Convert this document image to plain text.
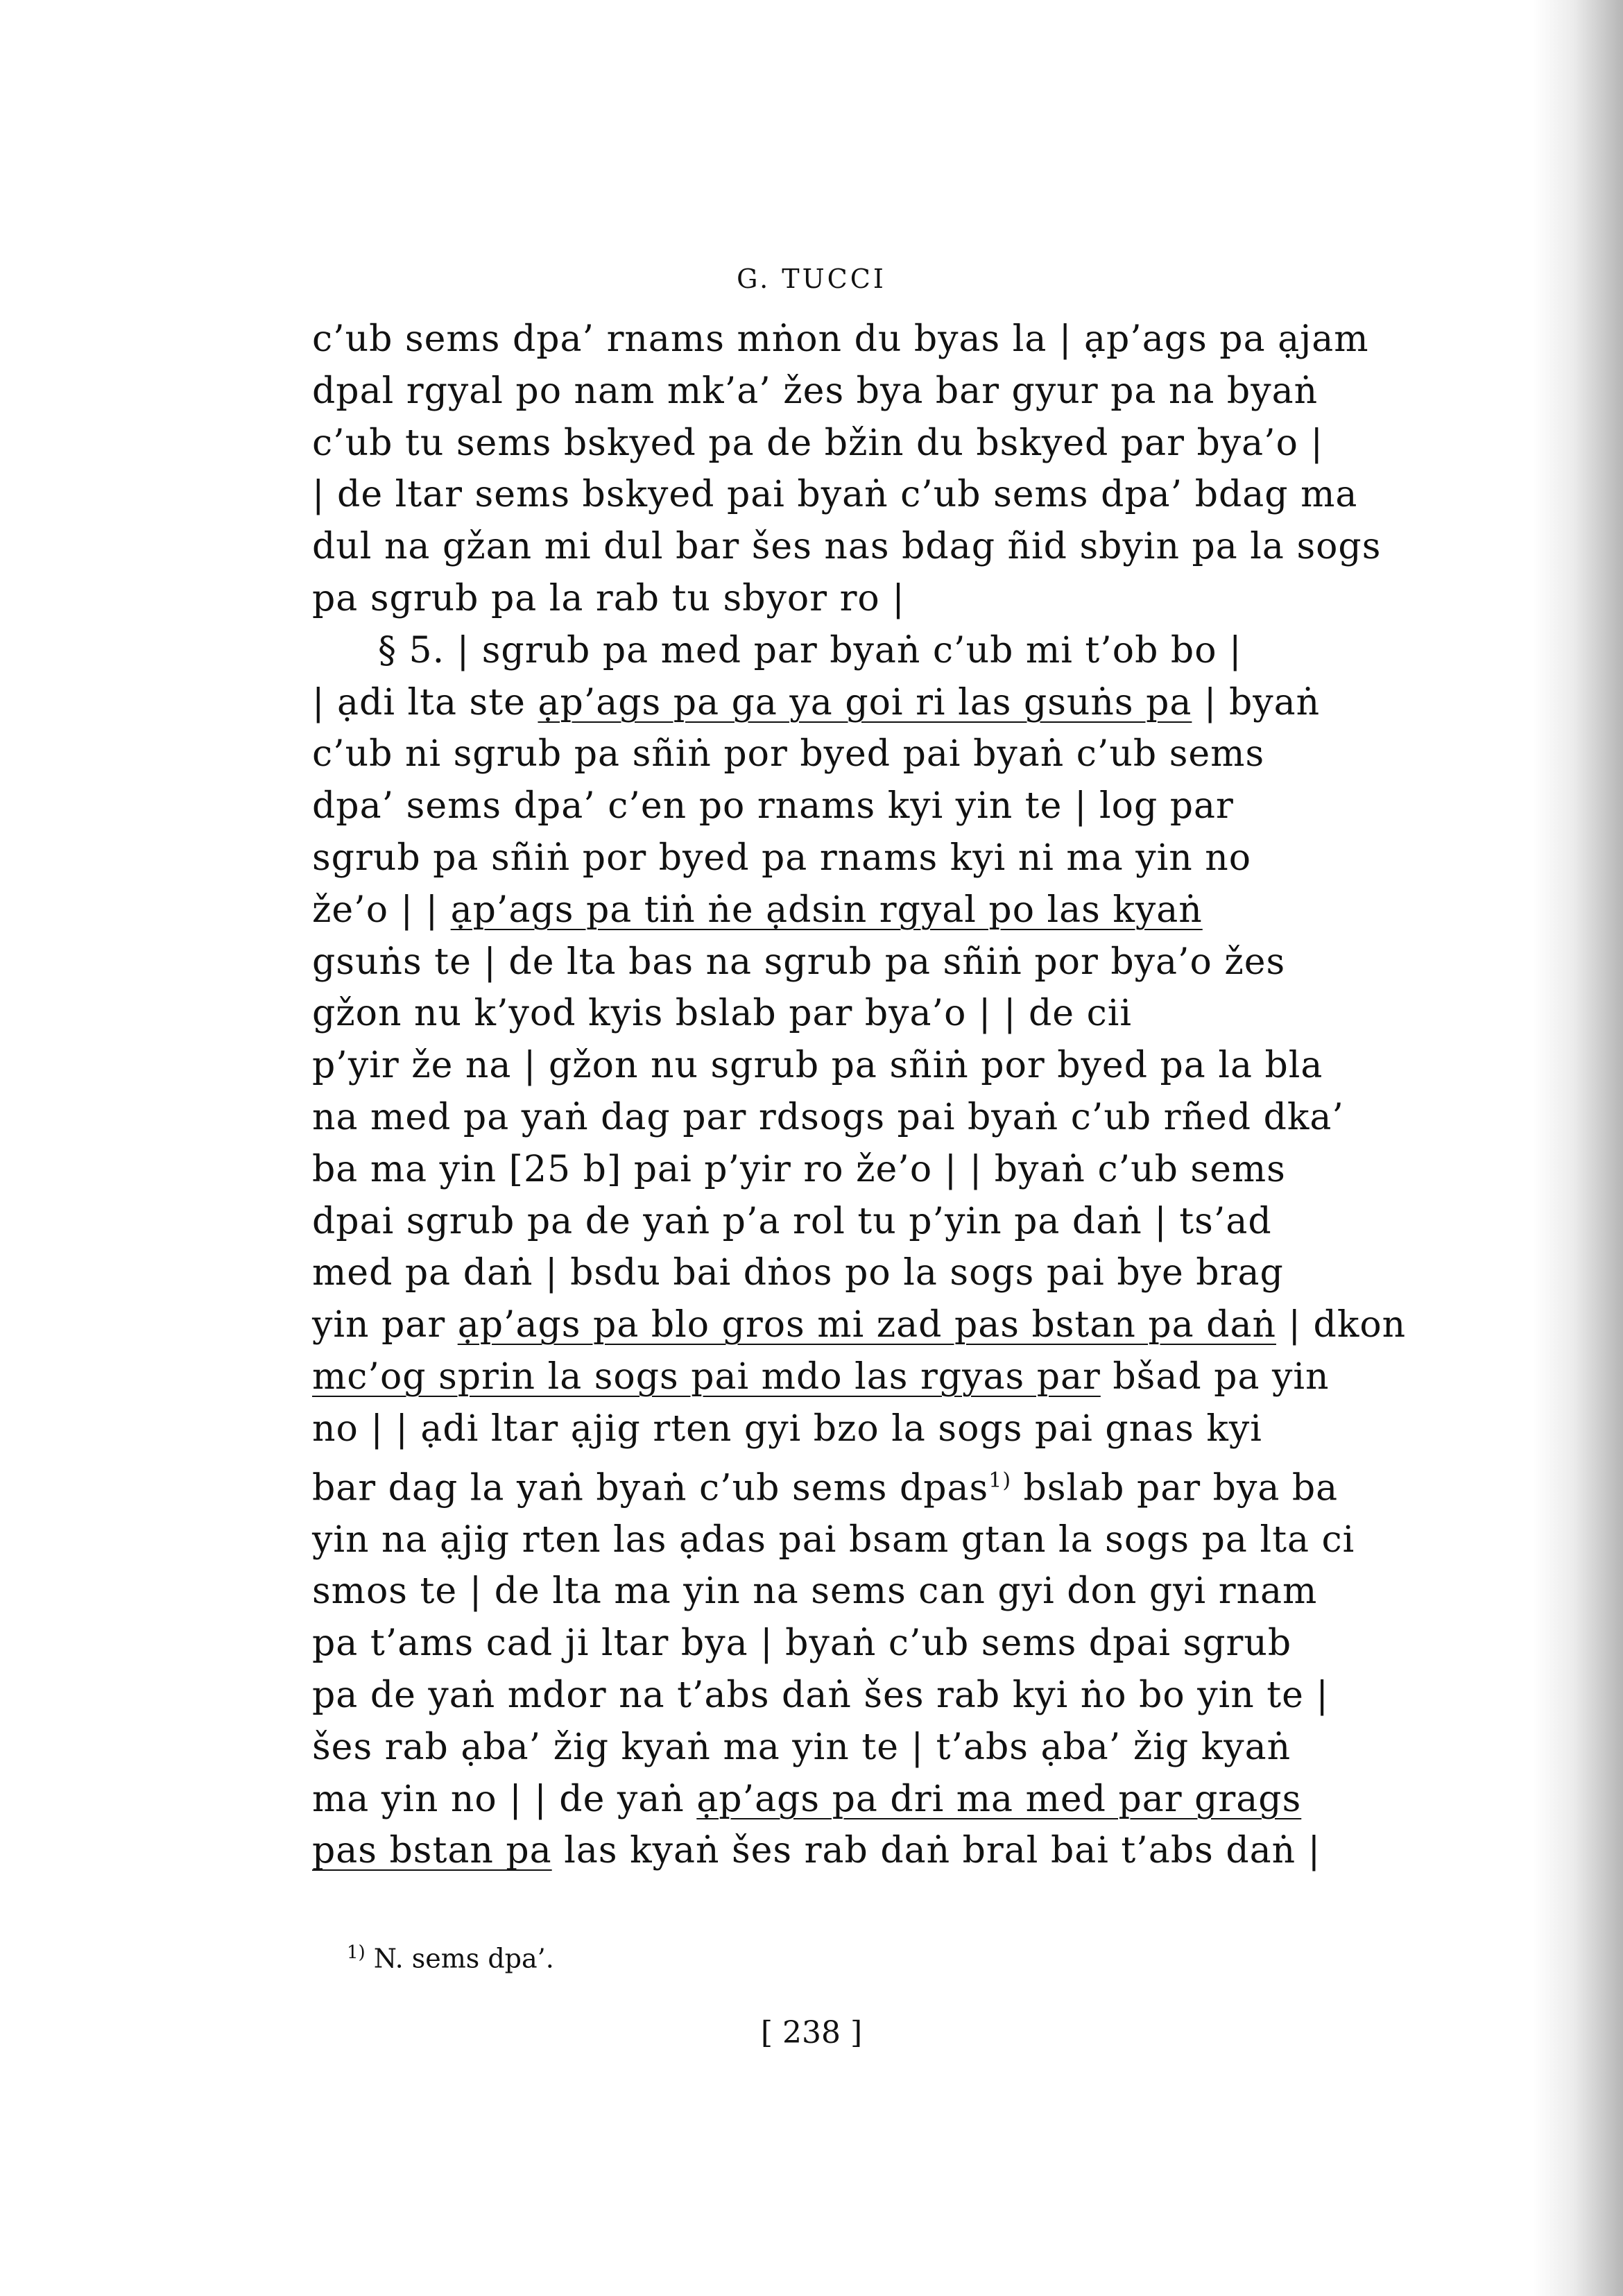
G. TUCCI
c’ub sems dpa’ rnams mṅon du byas la | ạp’ags pa ạjam
dpal rgyal po nam mk’a’ žes bya bar gyur pa na byaṅ
c’ub tu sems bskyed pa de bžin du bskyed par bya’o |
| de ltar sems bskyed pai byaṅ c’ub sems dpa’ bdag ma
dul na gžan mi dul bar šes nas bdag ñid sbyin pa la sogs
pa sgrub pa la rab tu sbyor ro |
§ 5. | sgrub pa med par byaṅ c’ub mi t’ob bo |
| ạdi lta ste ạp’ags pa ga ya goi ri las gsuṅs pa | byaṅ
c’ub ni sgrub pa sñiṅ por byed pai byaṅ c’ub sems
dpa’ sems dpa’ c’en po rnams kyi yin te | log par
sgrub pa sñiṅ por byed pa rnams kyi ni ma yin no
že’o | | ạp’ags pa tiṅ ṅe ạdsin rgyal po las kyaṅ
gsuṅs te | de lta bas na sgrub pa sñiṅ por bya’o žes
gžon nu k’yod kyis bslab par bya’o | | de cii
p’yir že na | gžon nu sgrub pa sñiṅ por byed pa la bla
na med pa yaṅ dag par rdsogs pai byaṅ c’ub rñed dka’
ba ma yin [25 b] pai p’yir ro že’o | | byaṅ c’ub sems
dpai sgrub pa de yaṅ p’a rol tu p’yin pa daṅ | ts’ad
med pa daṅ | bsdu bai dṅos po la sogs pai bye brag
yin par ạp’ags pa blo gros mi zad pas bstan pa daṅ | dkon
mc’og sprin la sogs pai mdo las rgyas par bšad pa yin
no | | ạdi ltar ạjig rten gyi bzo la sogs pai gnas kyi
bar dag la yaṅ byaṅ c’ub sems dpas$^{1)}$ bslab par bya ba
yin na ạjig rten las ạdas pai bsam gtan la sogs pa lta ci
smos te | de lta ma yin na sems can gyi don gyi rnam
pa t’ams cad ji ltar bya | byaṅ c’ub sems dpai sgrub
pa de yaṅ mdor na t’abs daṅ šes rab kyi ṅo bo yin te |
šes rab ạba’ žig kyaṅ ma yin te | t’abs ạba’ žig kyaṅ
ma yin no | | de yaṅ ạp’ags pa dri ma med par grags
pas bstan pa las kyaṅ šes rab daṅ bral bai t’abs daṅ |
$^{1)}$ N. sems dpa’.
[ 238 ]
